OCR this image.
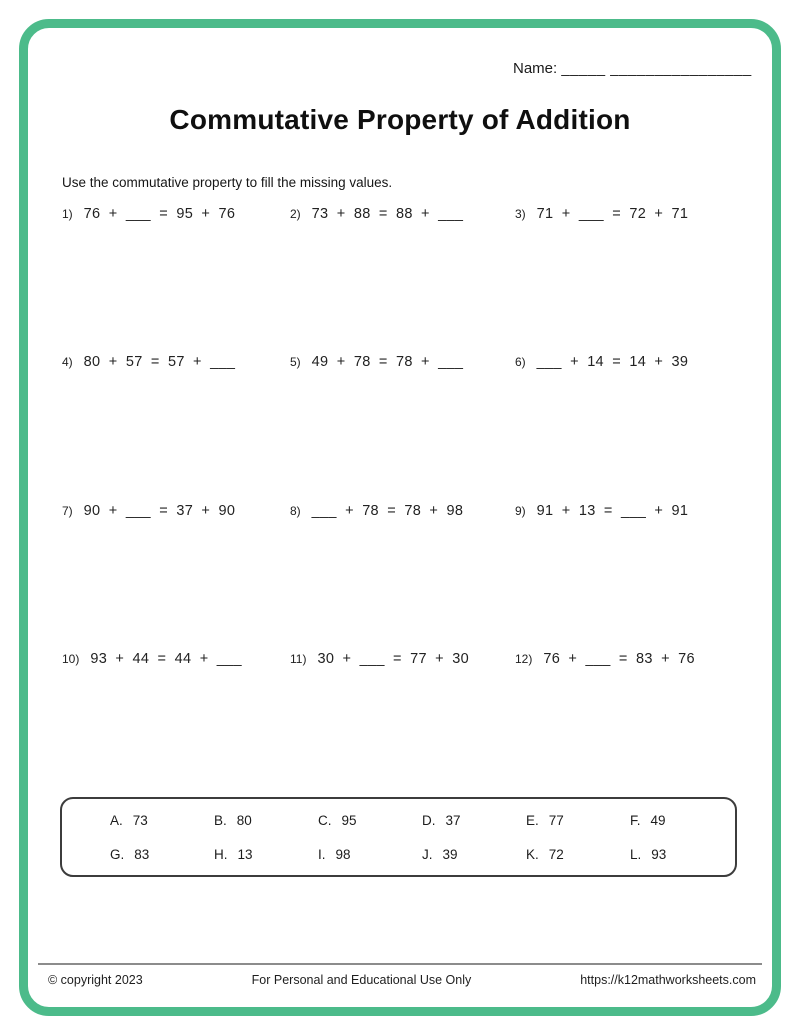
Name: _____ ________________
Commutative Property of Addition
Use the commutative property to fill the missing values.
1) 76 + ___ = 95 + 76	2) 73 + 88 = 88 + ___	3) 71 + ___ = 72 + 71
4) 80 + 57 = 57 + ___	5) 49 + 78 = 78 + ___	6) ___ + 14 = 14 + 39
7) 90 + ___ = 37 + 90	8) ___ + 78 = 78 + 98	9) 91 + 13 = ___ + 91
10) 93 + 44 = 44 + ___	11) 30 + ___ = 77 + 30	12) 76 + ___ = 83 + 76
A. 73	B. 80	C. 95	D. 37	E. 77	F. 49
G. 83	H. 13	I. 98	J. 39	K. 72	L. 93
© copyright 2023	For Personal and Educational Use Only	https://k12mathworksheets.com
